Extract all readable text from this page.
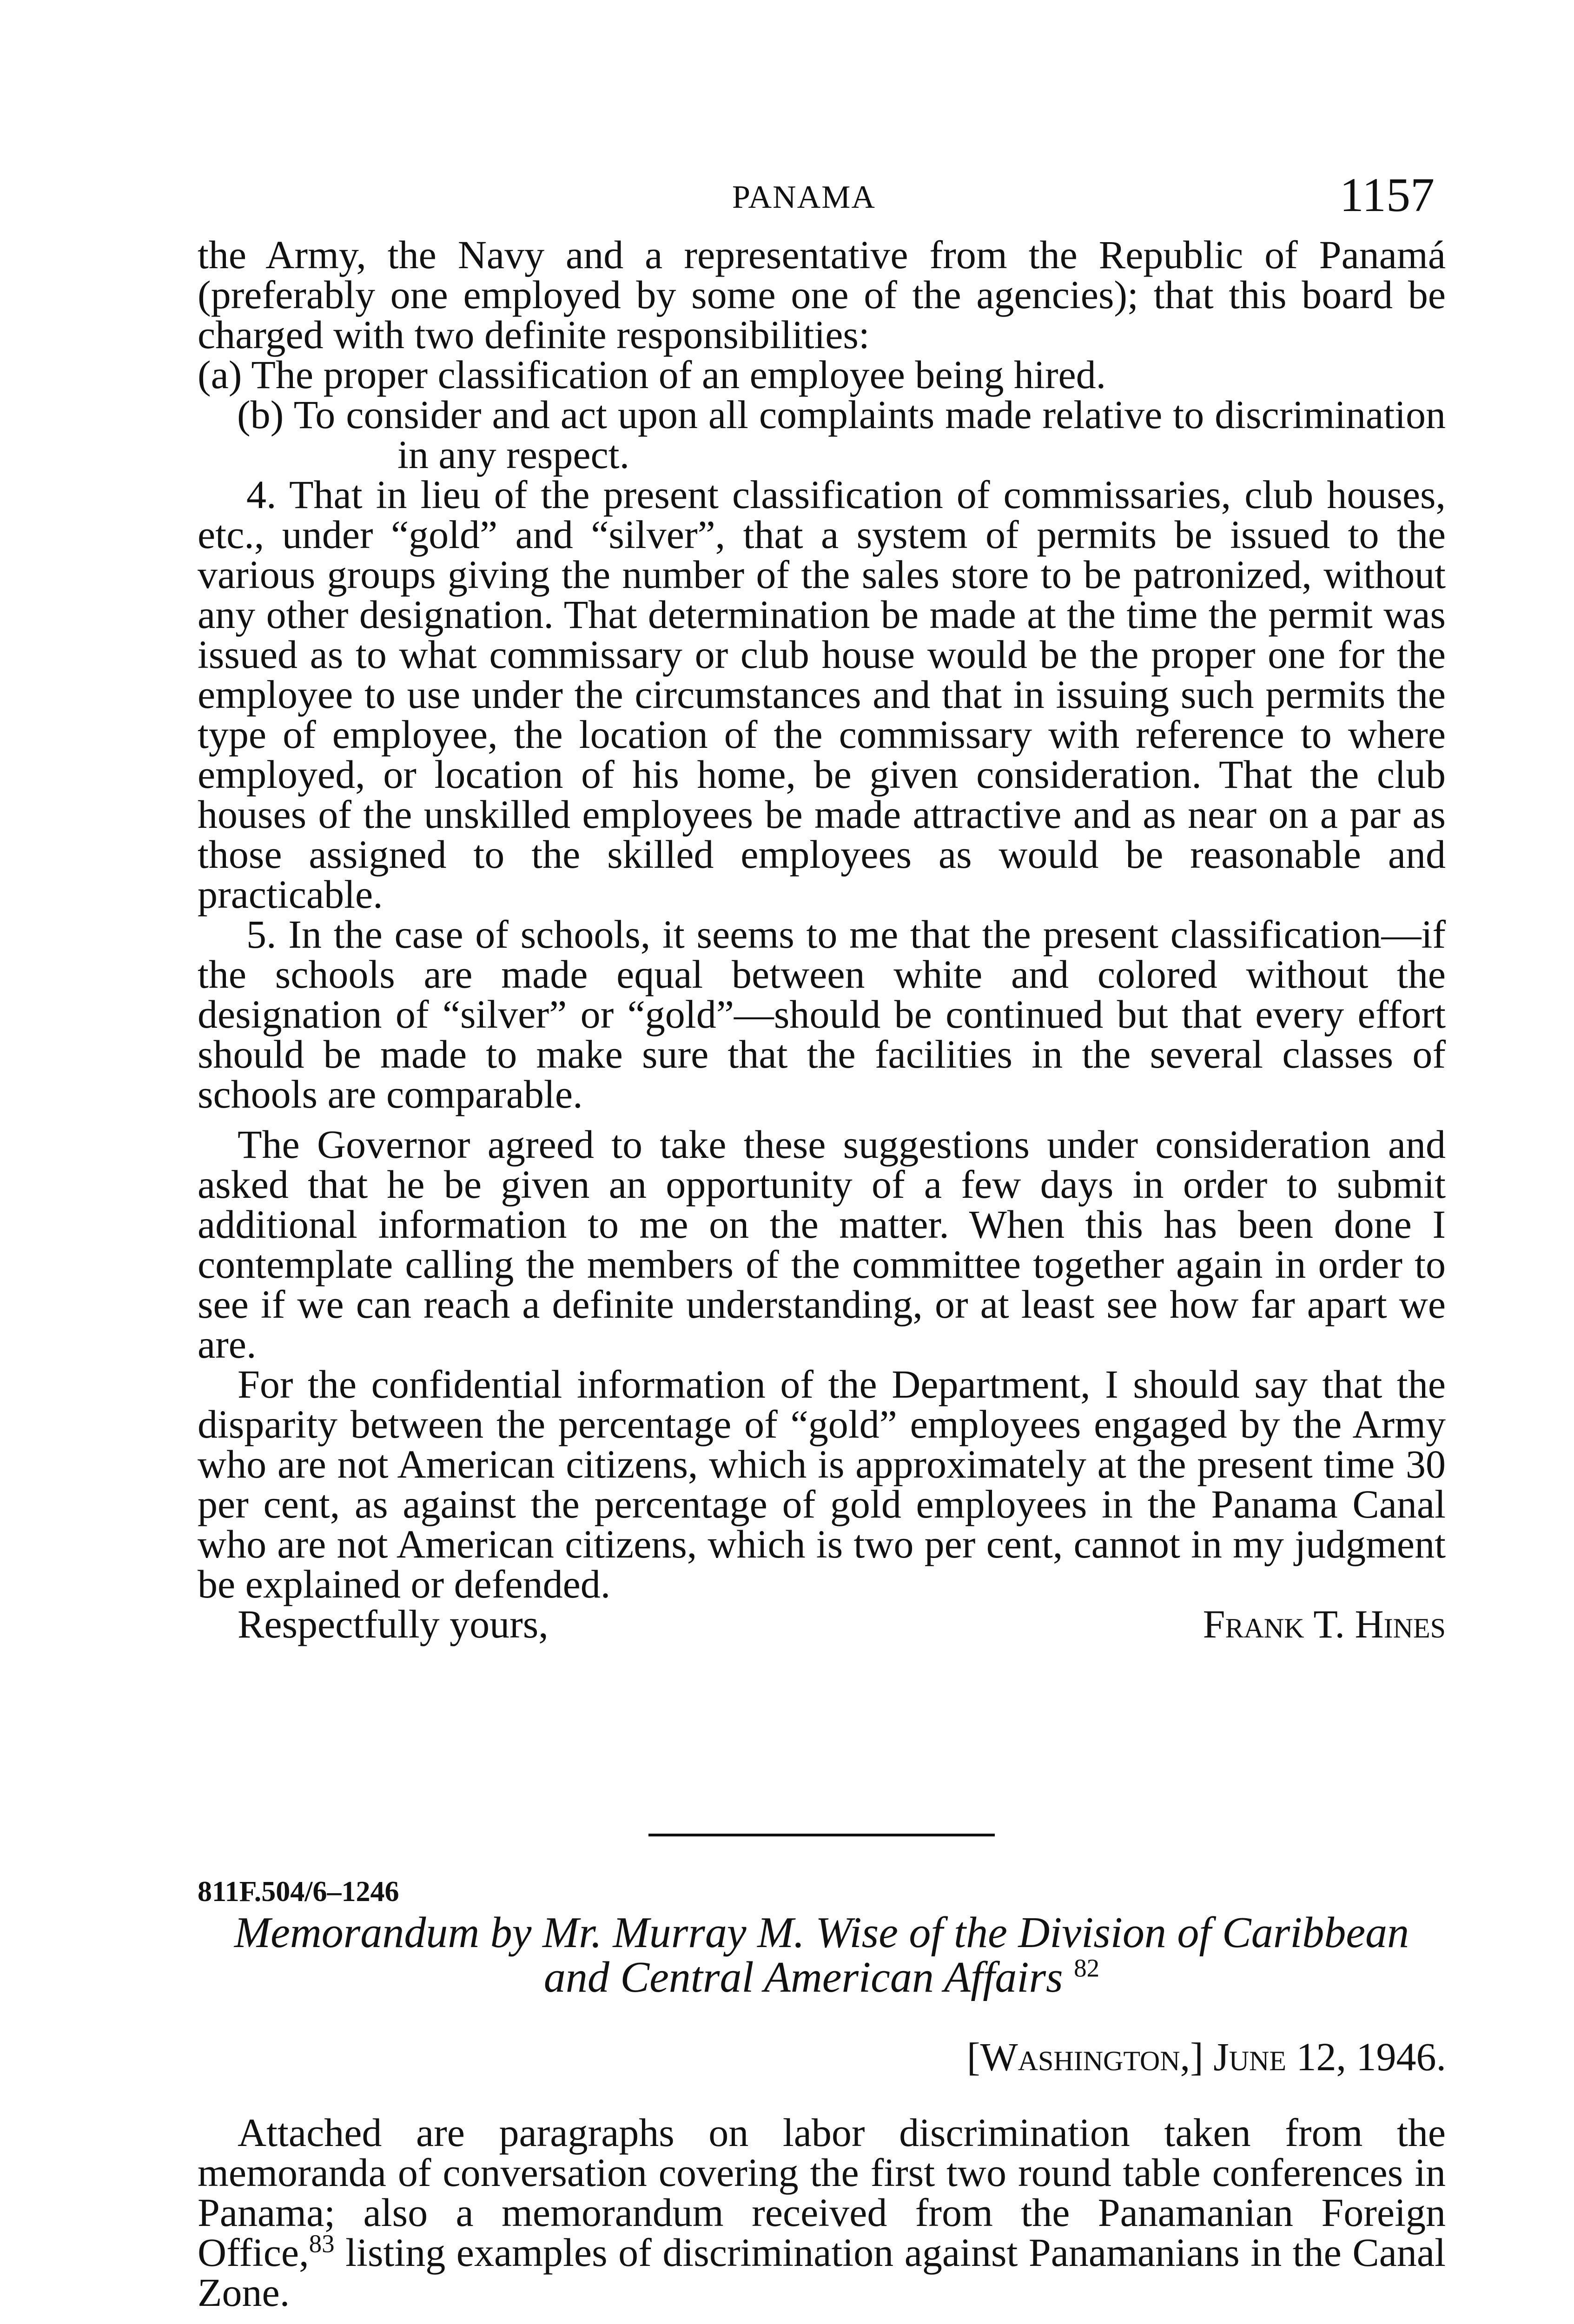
PANAMA	1157

the Army, the Navy and a representative from the Republic of Panamá (preferably one employed by some one of the agencies); that this board be charged with two definite responsibilities:

(a) The proper classification of an employee being hired.

(b) To consider and act upon all complaints made relative to discrimination in any respect.

4. That in lieu of the present classification of commissaries, club houses, etc., under “gold” and “silver”, that a system of permits be issued to the various groups giving the number of the sales store to be patronized, without any other designation. That determination be made at the time the permit was issued as to what commissary or club house would be the proper one for the employee to use under the circumstances and that in issuing such permits the type of employee, the location of the commissary with reference to where employed, or location of his home, be given consideration. That the club houses of the unskilled employees be made attractive and as near on a par as those assigned to the skilled employees as would be reasonable and practicable.

5. In the case of schools, it seems to me that the present classification—if the schools are made equal between white and colored without the designation of “silver” or “gold”—should be continued but that every effort should be made to make sure that the facilities in the several classes of schools are comparable.

The Governor agreed to take these suggestions under consideration and asked that he be given an opportunity of a few days in order to submit additional information to me on the matter. When this has been done I contemplate calling the members of the committee together again in order to see if we can reach a definite understanding, or at least see how far apart we are.

For the confidential information of the Department, I should say that the disparity between the percentage of “gold” employees engaged by the Army who are not American citizens, which is approximately at the present time 30 per cent, as against the percentage of gold employees in the Panama Canal who are not American citizens, which is two per cent, cannot in my judgment be explained or defended.

Respectfully yours,	Frank T. Hines
811F.504/6–1246
Memorandum by Mr. Murray M. Wise of the Division of Caribbean
and Central American Affairs $^{82}$
[Washington,] June 12, 1946.

Attached are paragraphs on labor discrimination taken from the memoranda of conversation covering the first two round table conferences in Panama; also a memorandum received from the Panamanian Foreign Office,$^{83}$ listing examples of discrimination against Panamanians in the Canal Zone.
